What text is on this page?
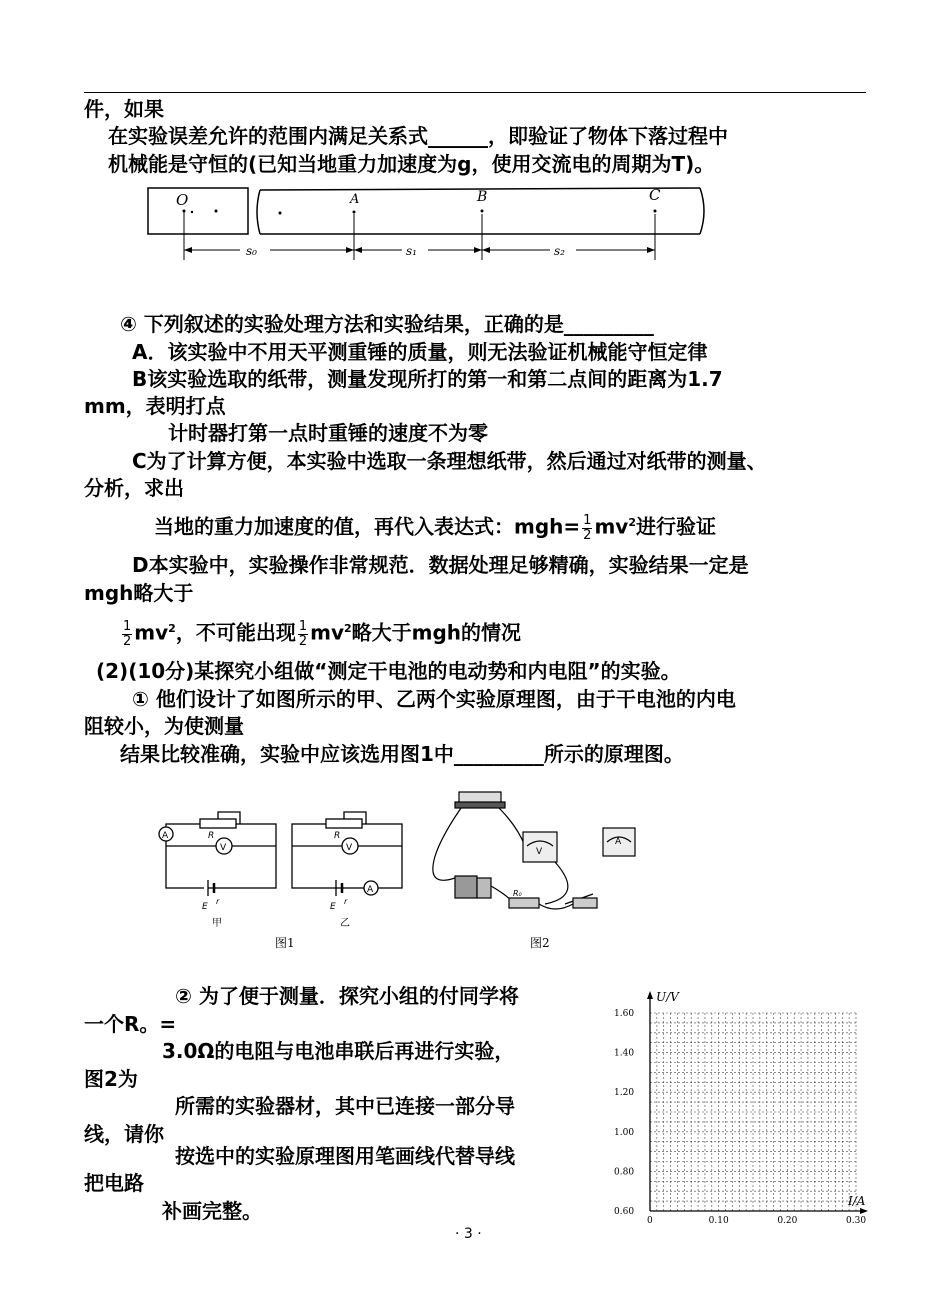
件，如果
在实验误差允许的范围内满足关系式______，即验证了物体下落过程中
机械能是守恒的(已知当地重力加速度为g，使用交流电的周期为T)。
O	A	B	C
s₀	s₁	s₂
④ 下列叙述的实验处理方法和实验结果，正确的是_________
A．该实验中不用天平测重锤的质量，则无法验证机械能守恒定律
B该实验选取的纸带，测量发现所打的第一和第二点间的距离为1.7
mm，表明打点
计时器打第一点时重锤的速度不为零
C为了计算方便，本实验中选取一条理想纸带，然后通过对纸带的测量、
分析，求出
当地的重力加速度的值，再代入表达式：$mgh= \frac{1}{2} mv^2$进行验证
D本实验中，实验操作非常规范．数据处理足够精确，实验结果一定是
mgh略大于
$\frac{1}{2} mv^2$，不可能出现 $\frac{1}{2} mv^2$略大于mgh的情况
(2)(10分)某探究小组做“测定干电池的电动势和内电阻”的实验。
① 他们设计了如图所示的甲、乙两个实验原理图，由于干电池的内电
阻较小，为使测量
结果比较准确，实验中应该选用图1中_________所示的原理图。
A
V
R
E
r
甲
V
R
A
E
r
乙
图1
V
A
R₀
图2
② 为了便于测量．探究小组的付同学将
一个R。=
3.0Ω的电阻与电池串联后再进行实验，
图2为
所需的实验器材，其中已连接一部分导
线，请你
按选中的实验原理图用笔画线代替导线
把电路
补画完整。
U/V
I/A
1.60
1.40
1.20
1.00
0.80
0.60
0	0.10	0.20	0.30
· 3 ·
